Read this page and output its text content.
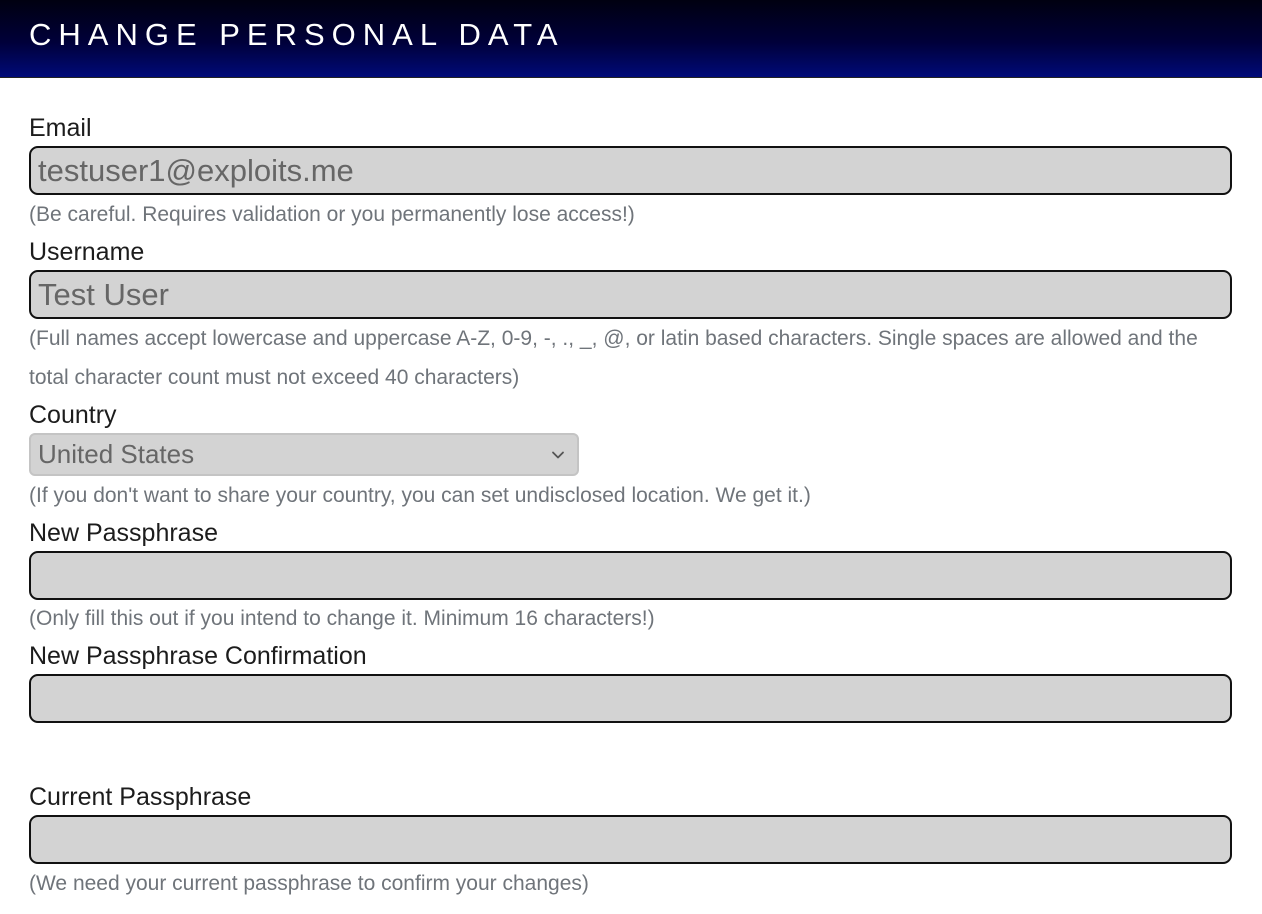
CHANGE PERSONAL DATA
Email
testuser1@exploits.me

(Be careful. Requires validation or you permanently lose access!)

Username
Test User

(Full names accept lowercase and uppercase A-Z, 0-9, -, ., _, @, or latin based characters. Single spaces are allowed and the total character count must not exceed 40 characters)

Country
United States

(If you don't want to share your country, you can set undisclosed location. We get it.)

New Passphrase

(Only fill this out if you intend to change it. Minimum 16 characters!)

New Passphrase Confirmation
Current Passphrase

(We need your current passphrase to confirm your changes)
